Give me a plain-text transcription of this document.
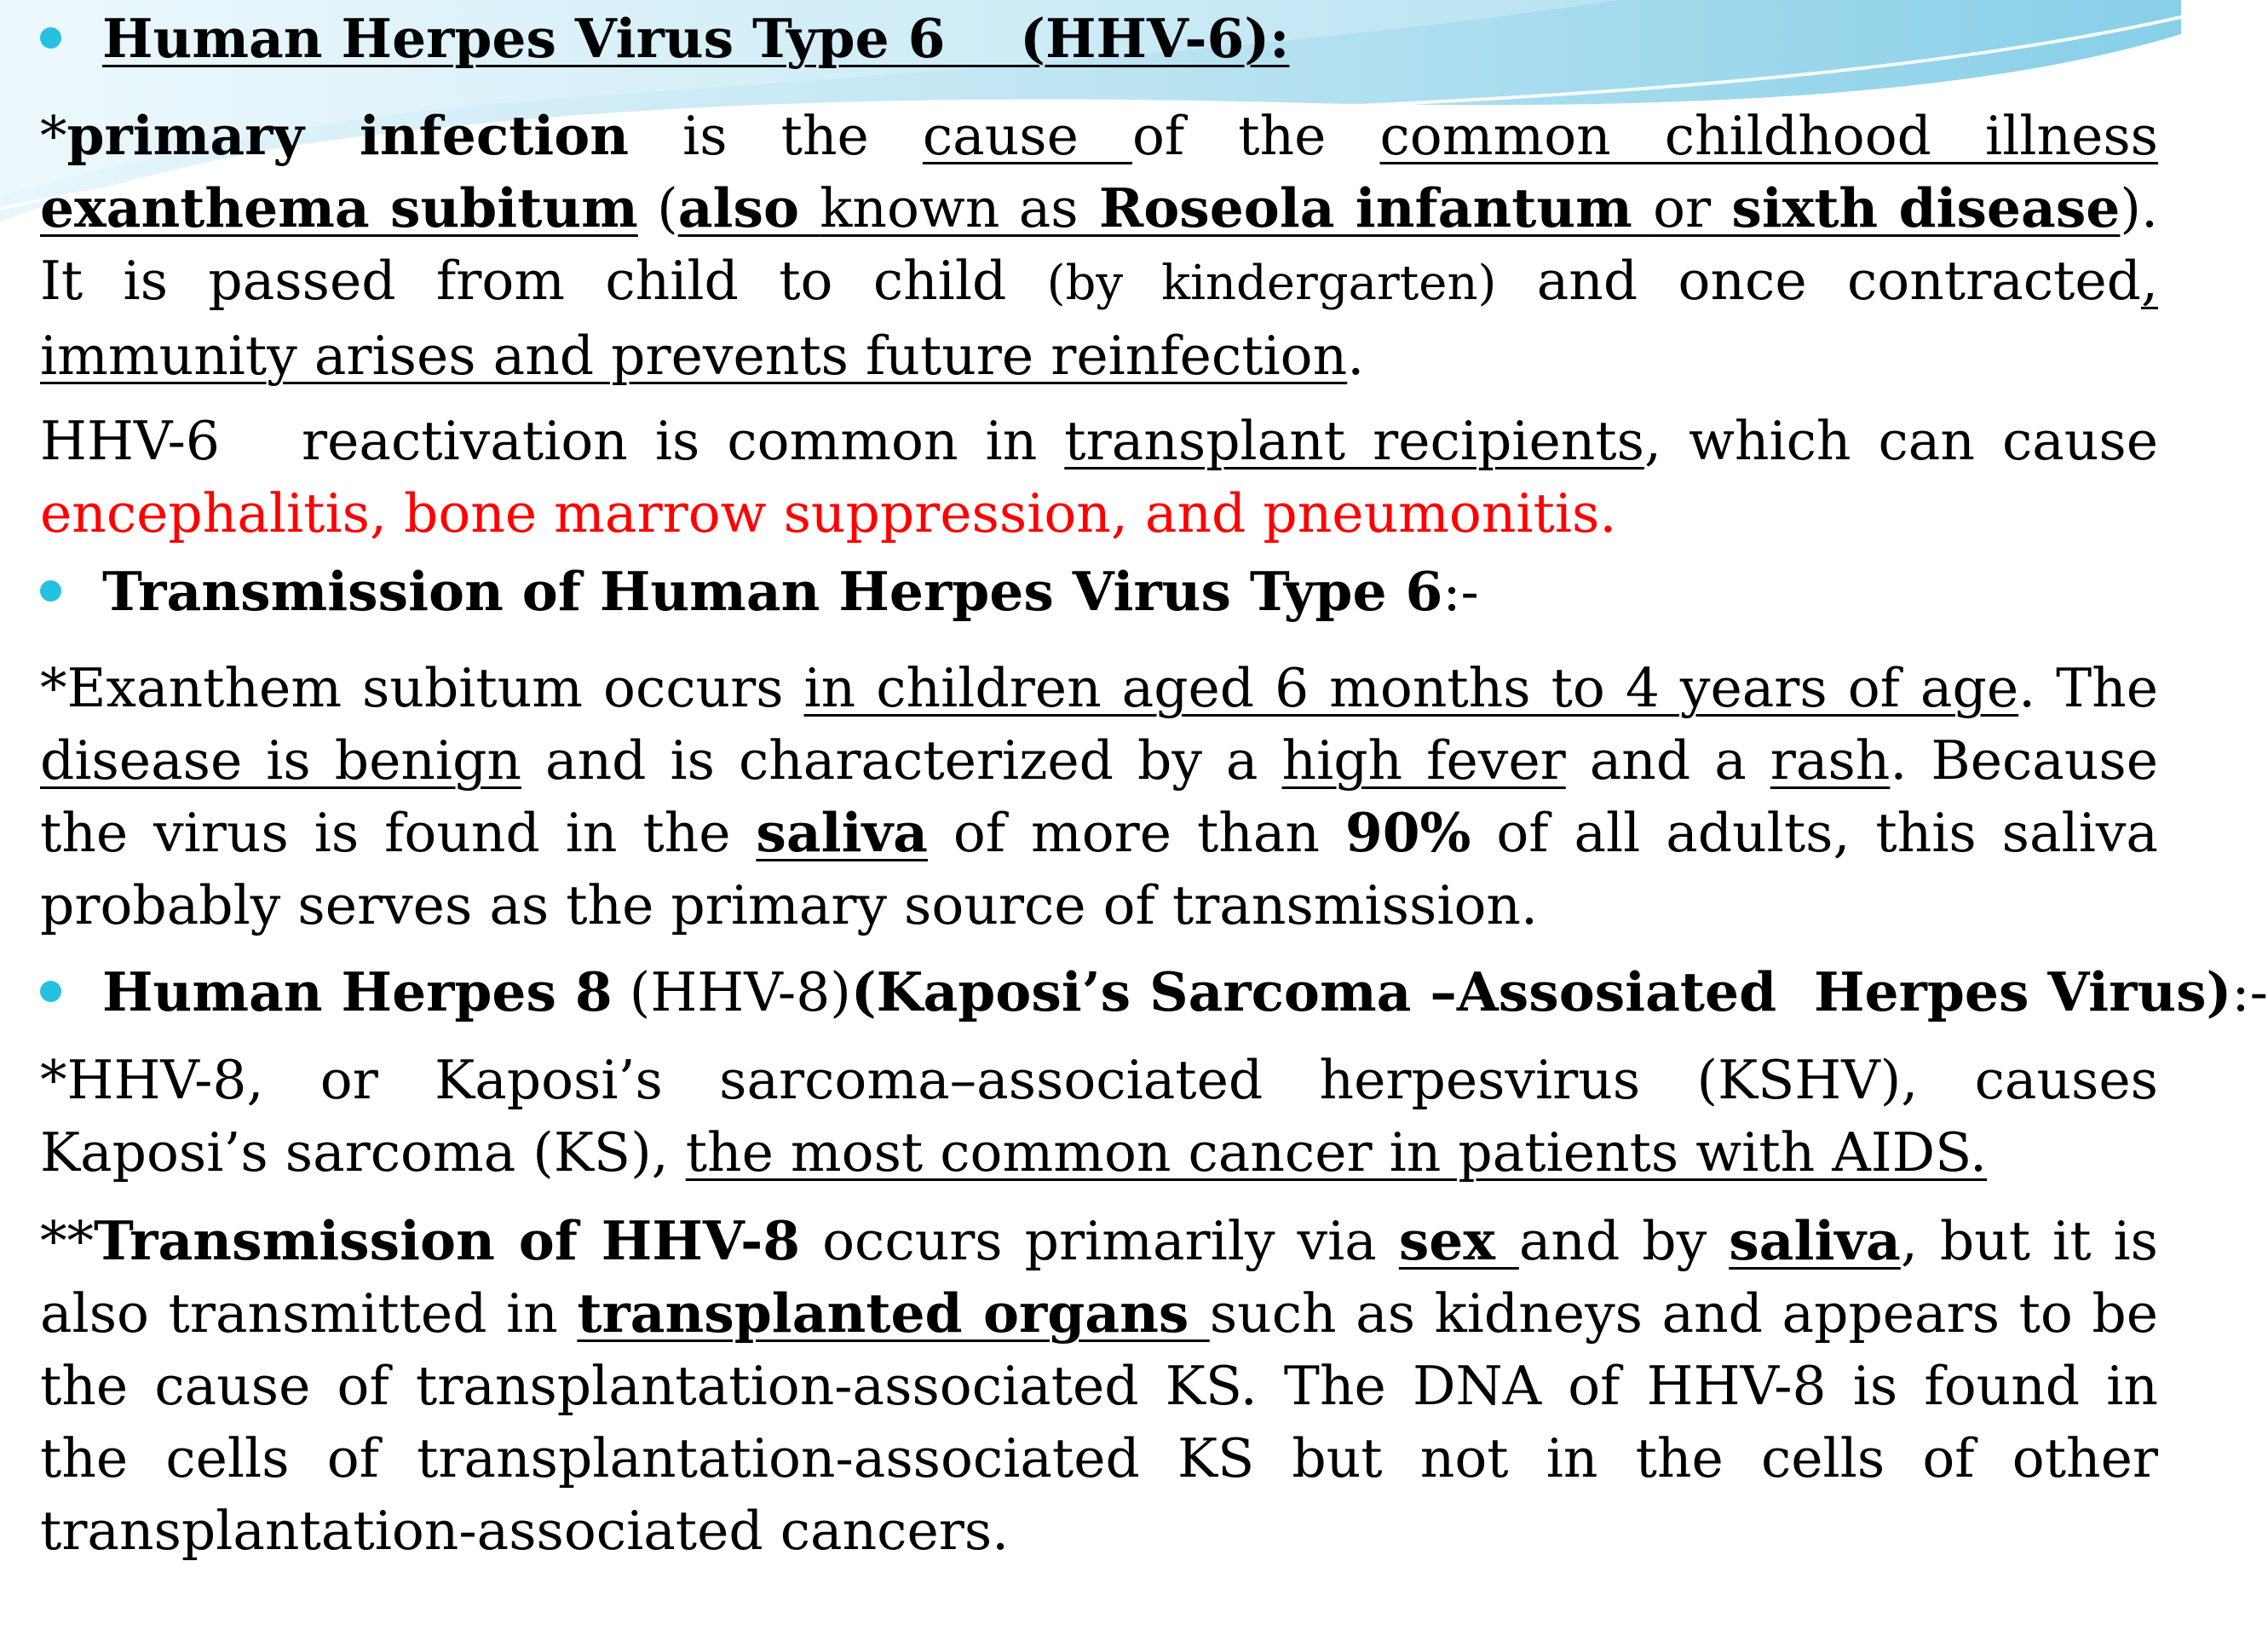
Human Herpes Virus Type 6    (HHV-6):

*primary infection is the cause of the common childhood illness exanthema subitum (also known as Roseola infantum or sixth disease). It is passed from child to child (by kindergarten) and once contracted, immunity arises and prevents future reinfection.

HHV-6   reactivation is common in transplant recipients, which can cause  encephalitis, bone marrow suppression, and pneumonitis.

Transmission of Human Herpes Virus Type 6:-

*Exanthem subitum occurs in children aged 6 months to 4 years of age. The disease is benign and is characterized by a high fever and a rash. Because the virus is found in the saliva of more than 90% of all adults, this saliva probably serves as the primary source of transmission.

Human Herpes 8 (HHV-8)(Kaposi’s Sarcoma –Assosiated  Herpes Virus):-

*HHV-8, or Kaposi’s sarcoma–associated herpesvirus (KSHV), causes Kaposi’s sarcoma (KS), the most common cancer in patients with AIDS.

**Transmission of HHV-8 occurs primarily via sex and by saliva, but it is also transmitted in transplanted organs such as kidneys and appears to be the cause of transplantation-associated KS. The DNA of HHV-8 is found in the cells of transplantation-associated KS but not in the cells of other transplantation-associated cancers.
